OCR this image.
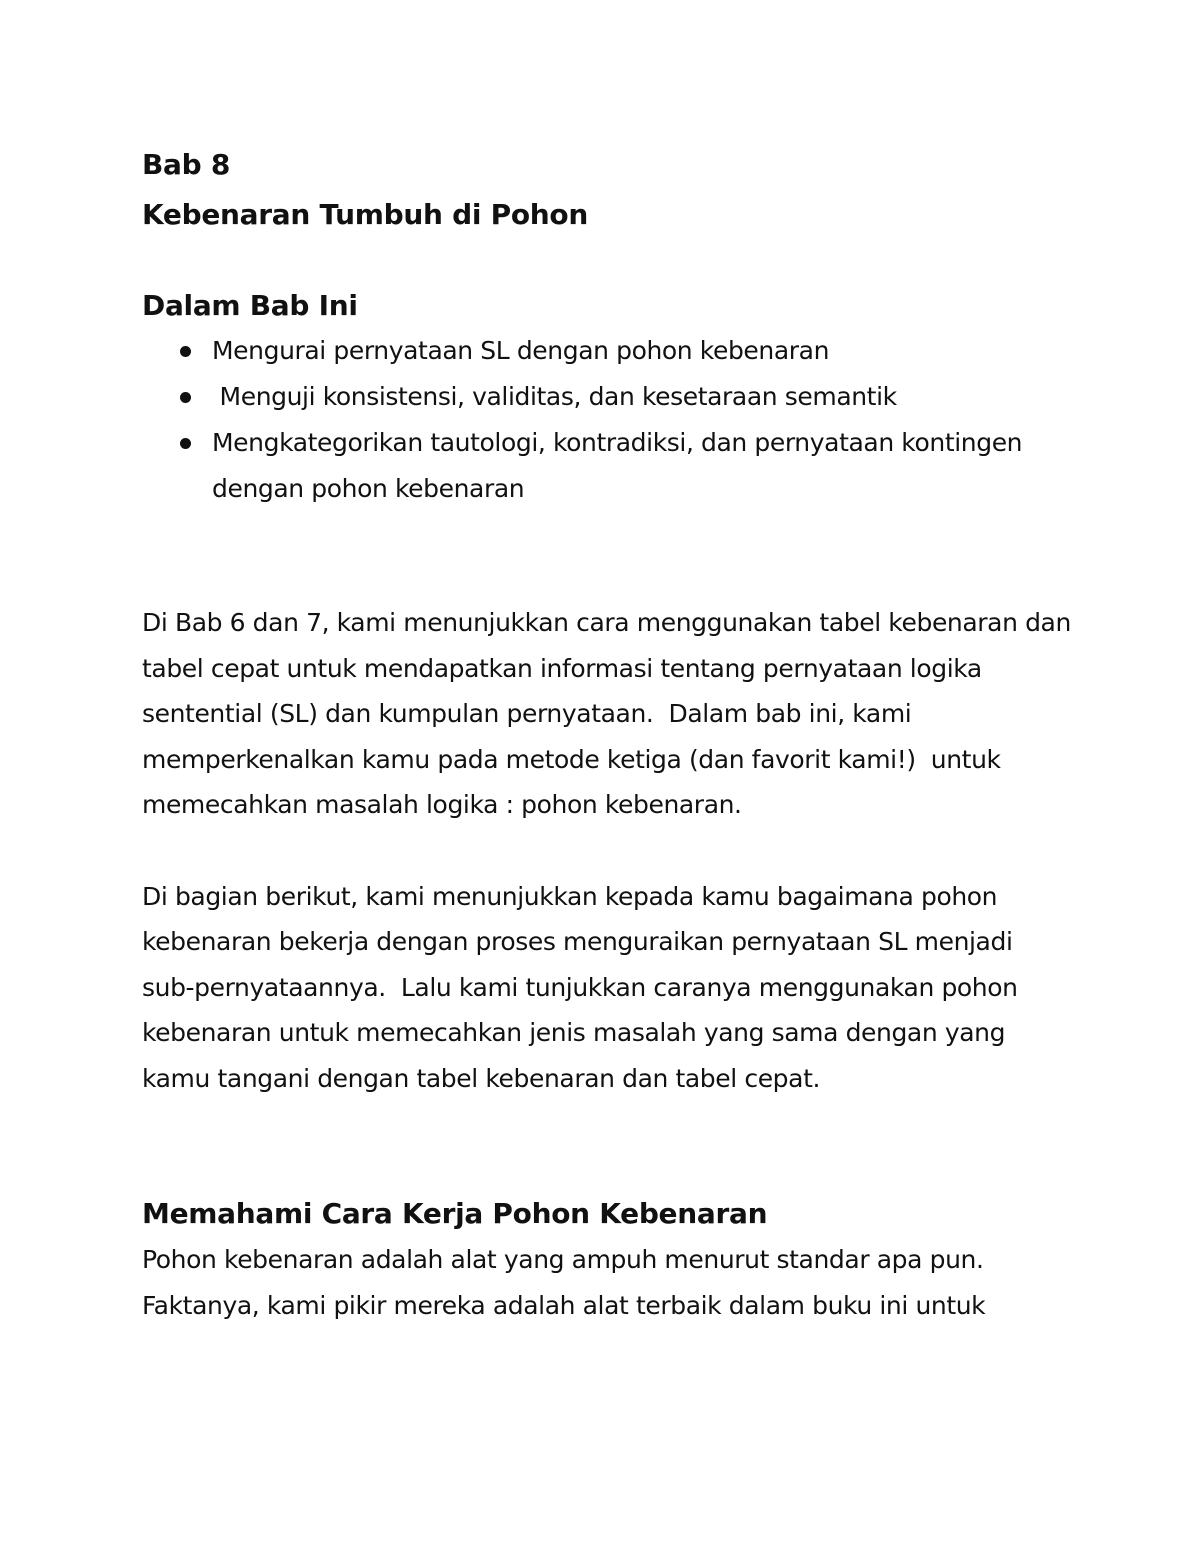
Bab 8
Kebenaran Tumbuh di Pohon
Dalam Bab Ini
Mengurai pernyataan SL dengan pohon kebenaran
Menguji konsistensi, validitas, dan kesetaraan semantik
Mengkategorikan tautologi, kontradiksi, dan pernyataan kontingen dengan pohon kebenaran

Di Bab 6 dan 7, kami menunjukkan cara menggunakan tabel kebenaran dan tabel cepat untuk mendapatkan informasi tentang pernyataan logika sentential (SL) dan kumpulan pernyataan.  Dalam bab ini, kami memperkenalkan kamu pada metode ketiga (dan favorit kami!)  untuk memecahkan masalah logika : pohon kebenaran.

Di bagian berikut, kami menunjukkan kepada kamu bagaimana pohon kebenaran bekerja dengan proses menguraikan pernyataan SL menjadi sub-pernyataannya.  Lalu kami tunjukkan caranya menggunakan pohon kebenaran untuk memecahkan jenis masalah yang sama dengan yang kamu tangani dengan tabel kebenaran dan tabel cepat.

Memahami Cara Kerja Pohon Kebenaran

Pohon kebenaran adalah alat yang ampuh menurut standar apa pun. Faktanya, kami pikir mereka adalah alat terbaik dalam buku ini untuk
